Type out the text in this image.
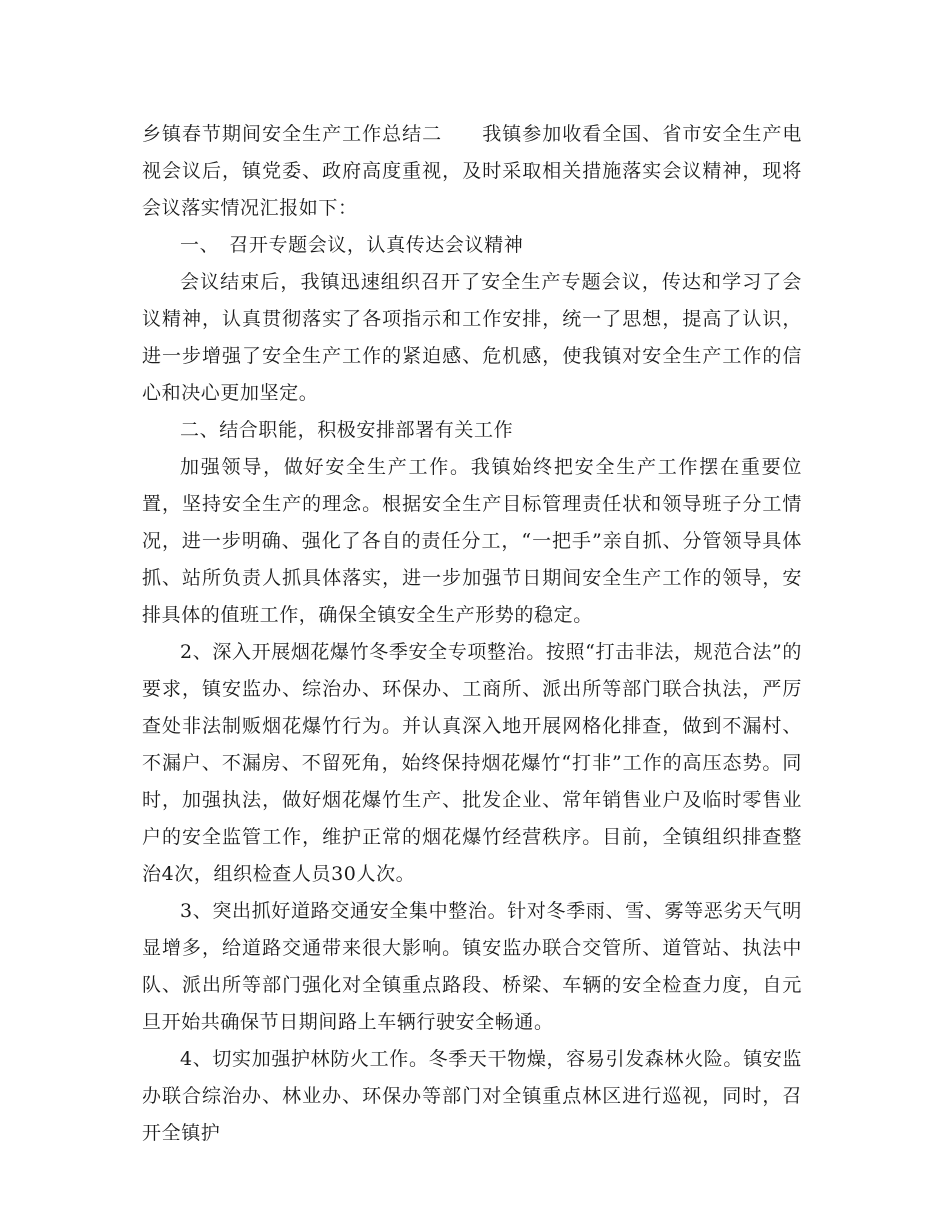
乡镇春节期间安全生产工作总结二　　我镇参加收看全国、省市安全生产电视会议后，镇党委、政府高度重视，及时采取相关措施落实会议精神，现将会议落实情况汇报如下：

一、　召开专题会议，认真传达会议精神

会议结束后，我镇迅速组织召开了安全生产专题会议，传达和学习了会议精神，认真贯彻落实了各项指示和工作安排，统一了思想，提高了认识，进一步增强了安全生产工作的紧迫感、危机感，使我镇对安全生产工作的信心和决心更加坚定。

二、结合职能，积极安排部署有关工作

加强领导，做好安全生产工作。我镇始终把安全生产工作摆在重要位置，坚持安全生产的理念。根据安全生产目标管理责任状和领导班子分工情况，进一步明确、强化了各自的责任分工，“一把手”亲自抓、分管领导具体抓、站所负责人抓具体落实，进一步加强节日期间安全生产工作的领导，安排具体的值班工作，确保全镇安全生产形势的稳定。

2、深入开展烟花爆竹冬季安全专项整治。按照“打击非法，规范合法”的要求，镇安监办、综治办、环保办、工商所、派出所等部门联合执法，严厉查处非法制贩烟花爆竹行为。并认真深入地开展网格化排查，做到不漏村、不漏户、不漏房、不留死角，始终保持烟花爆竹“打非”工作的高压态势。同时，加强执法，做好烟花爆竹生产、批发企业、常年销售业户及临时零售业户的安全监管工作，维护正常的烟花爆竹经营秩序。目前，全镇组织排查整治4次，组织检查人员30人次。

3、突出抓好道路交通安全集中整治。针对冬季雨、雪、雾等恶劣天气明显增多，给道路交通带来很大影响。镇安监办联合交管所、道管站、执法中队、派出所等部门强化对全镇重点路段、桥梁、车辆的安全检查力度，自元旦开始共确保节日期间路上车辆行驶安全畅通。

4、切实加强护林防火工作。冬季天干物燥，容易引发森林火险。镇安监办联合综治办、林业办、环保办等部门对全镇重点林区进行巡视，同时，召开全镇护
